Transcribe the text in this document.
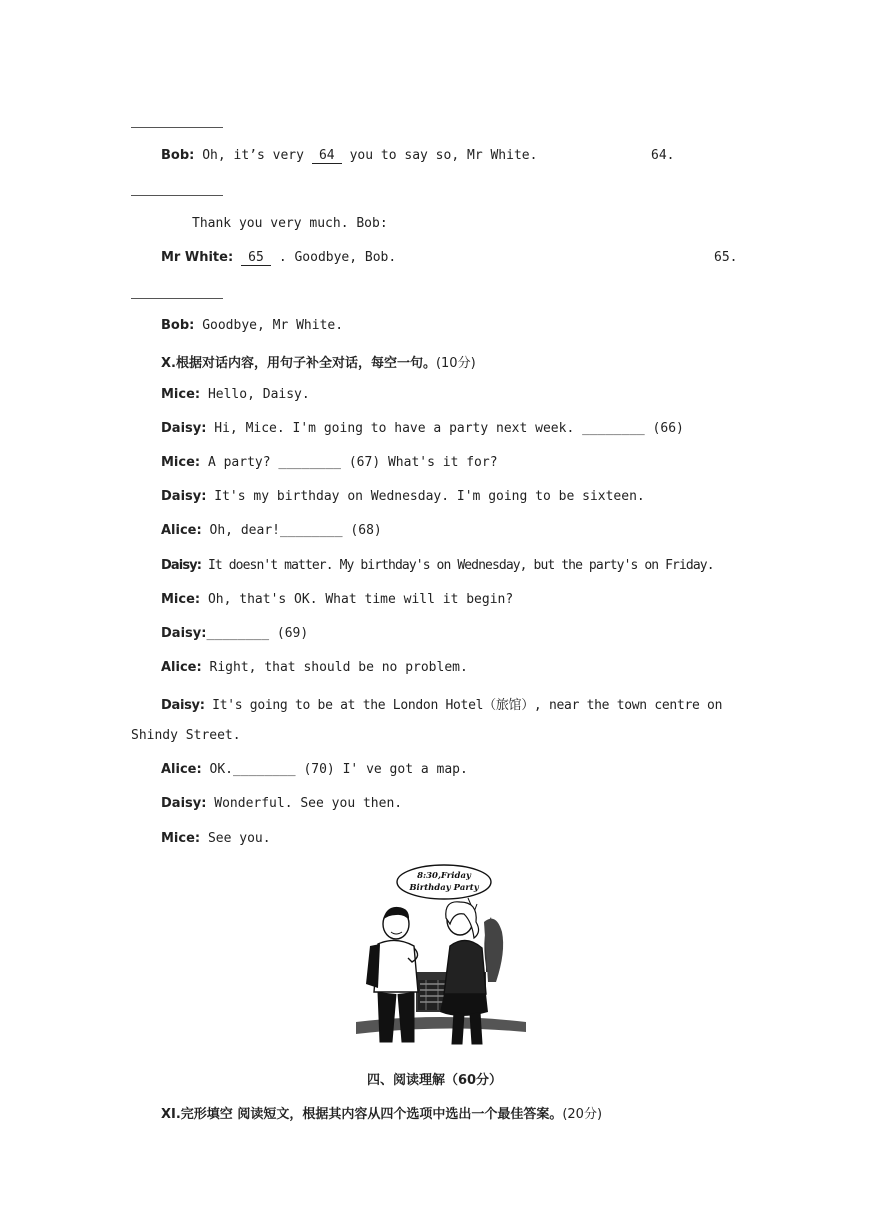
Bob: Oh, it’s very 64 you to say so, Mr White.	64.
Thank you very much. Bob:
Mr White: 65 . Goodbye, Bob.	65.
Bob: Goodbye, Mr White.
X.根据对话内容，用句子补全对话，每空一句。(10分)
Mice: Hello, Daisy.
Daisy: Hi, Mice. I'm going to have a party next week. ________ (66)
Mice: A party? ________ (67) What's it for?
Daisy: It's my birthday on Wednesday. I'm going to be sixteen.
Alice: Oh, dear!________ (68)
Daisy: It doesn't matter. My birthday's on Wednesday, but the party's on Friday.
Mice: Oh, that's OK. What time will it begin?
Daisy:________ (69)
Alice: Right, that should be no problem.
Daisy: It's going to be at the London Hotel（旅馆）, near the town centre on
Shindy Street.
Alice: OK.________ (70) I' ve got a map.
Daisy: Wonderful. See you then.
Mice: See you.
8:30,Friday
Birthday Party
四、阅读理解（60分）
XI.完形填空 阅读短文，根据其内容从四个选项中选出一个最佳答案。(20分)
